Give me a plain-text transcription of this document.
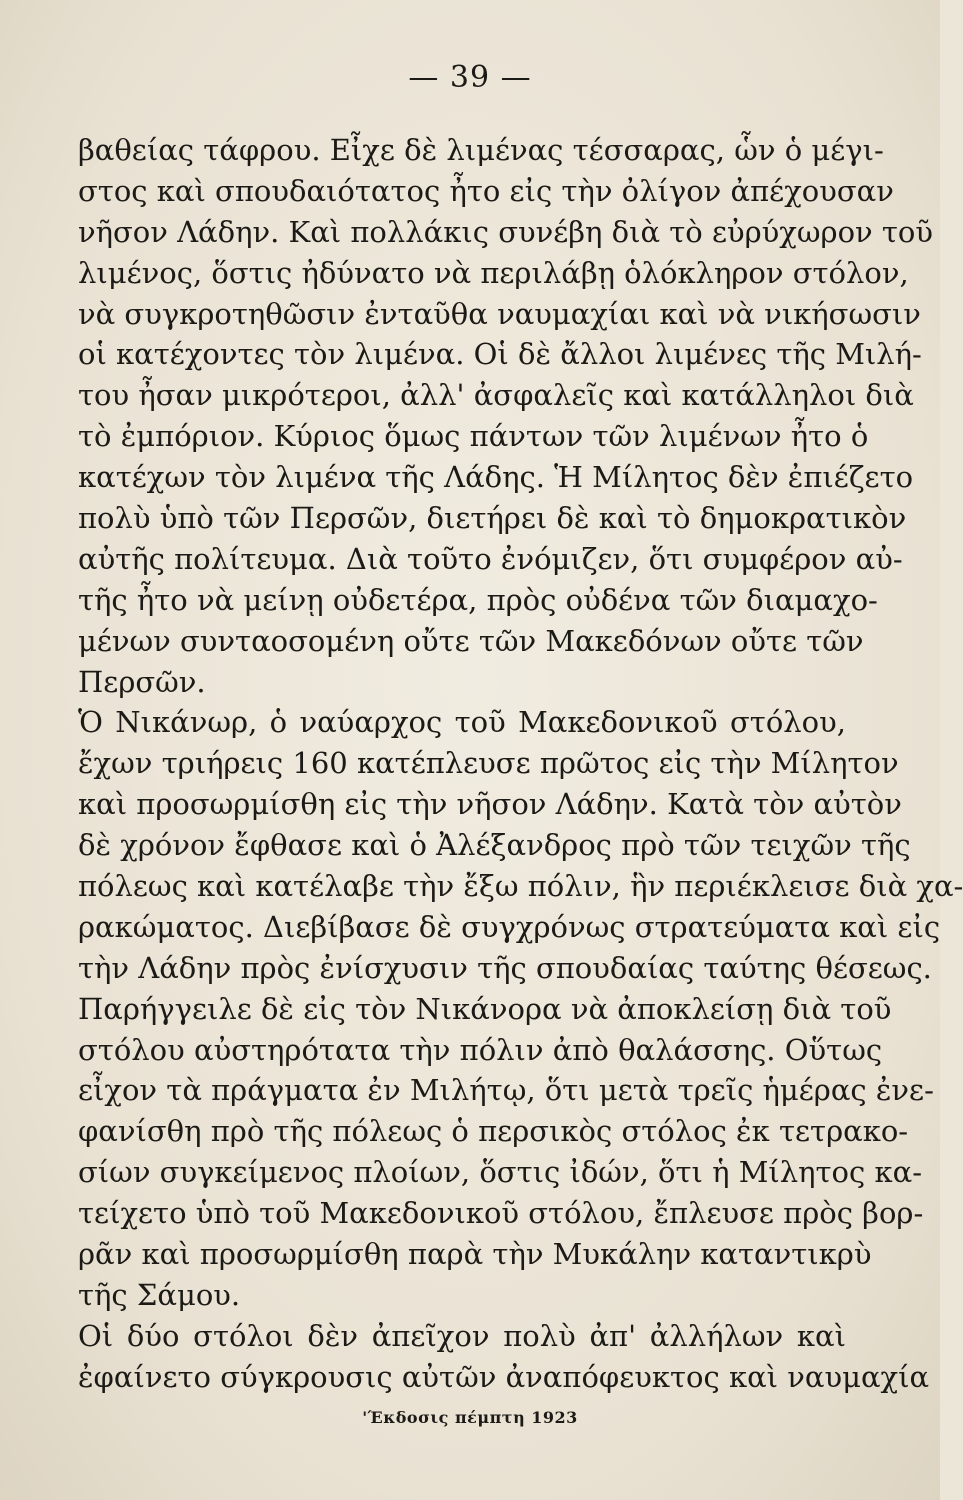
— 39 —
βαθείας τάφρου. Εἶχε δὲ λιμένας τέσσαρας, ὧν ὁ μέγι-
στος καὶ σπουδαιότατος ἦτο εἰς τὴν ὀλίγον ἀπέχουσαν
νῆσον Λάδην. Καὶ πολλάκις συνέβη διὰ τὸ εὐρύχωρον τοῦ
λιμένος, ὅστις ἠδύνατο νὰ περιλάβῃ ὁλόκληρον στόλον,
νὰ συγκροτηθῶσιν ἐνταῦθα ναυμαχίαι καὶ νὰ νικήσωσιν
οἱ κατέχοντες τὸν λιμένα. Οἱ δὲ ἄλλοι λιμένες τῆς Μιλή-
του ἦσαν μικρότεροι, ἀλλ' ἀσφαλεῖς καὶ κατάλληλοι διὰ
τὸ ἐμπόριον. Κύριος ὅμως πάντων τῶν λιμένων ἦτο ὁ
κατέχων τὸν λιμένα τῆς Λάδης. Ἡ Μίλητος δὲν ἐπιέζετο
πολὺ ὑπὸ τῶν Περσῶν, διετήρει δὲ καὶ τὸ δημοκρατικὸν
αὐτῆς πολίτευμα. Διὰ τοῦτο ἐνόμιζεν, ὅτι συμφέρον αὐ-
τῆς ἦτο νὰ μείνῃ οὐδετέρα, πρὸς οὐδένα τῶν διαμαχο-
μένων συνταοσομένη οὔτε τῶν Μακεδόνων οὔτε τῶν
Περσῶν.
Ὁ Νικάνωρ, ὁ ναύαρχος τοῦ Μακεδονικοῦ στόλου,
ἔχων τριήρεις 160 κατέπλευσε πρῶτος εἰς τὴν Μίλητον
καὶ προσωρμίσθη εἰς τὴν νῆσον Λάδην. Κατὰ τὸν αὐτὸν
δὲ χρόνον ἔφθασε καὶ ὁ Ἀλέξανδρος πρὸ τῶν τειχῶν τῆς
πόλεως καὶ κατέλαβε τὴν ἔξω πόλιν, ἣν περιέκλεισε διὰ χα-
ρακώματος. Διεβίβασε δὲ συγχρόνως στρατεύματα καὶ εἰς
τὴν Λάδην πρὸς ἐνίσχυσιν τῆς σπουδαίας ταύτης θέσεως.
Παρήγγειλε δὲ εἰς τὸν Νικάνορα νὰ ἀποκλείσῃ διὰ τοῦ
στόλου αὐστηρότατα τὴν πόλιν ἀπὸ θαλάσσης. Οὕτως
εἶχον τὰ πράγματα ἐν Μιλήτῳ, ὅτι μετὰ τρεῖς ἡμέρας ἐνε-
φανίσθη πρὸ τῆς πόλεως ὁ περσικὸς στόλος ἐκ τετρακο-
σίων συγκείμενος πλοίων, ὅστις ἰδών, ὅτι ἡ Μίλητος κα-
τείχετο ὑπὸ τοῦ Μακεδονικοῦ στόλου, ἔπλευσε πρὸς βορ-
ρᾶν καὶ προσωρμίσθη παρὰ τὴν Μυκάλην καταντικρὺ
τῆς Σάμου.
Οἱ δύο στόλοι δὲν ἀπεῖχον πολὺ ἀπ' ἀλλήλων καὶ
ἐφαίνετο σύγκρουσις αὐτῶν ἀναπόφευκτος καὶ ναυμαχία
'Έκδοσις πέμπτη 1923
